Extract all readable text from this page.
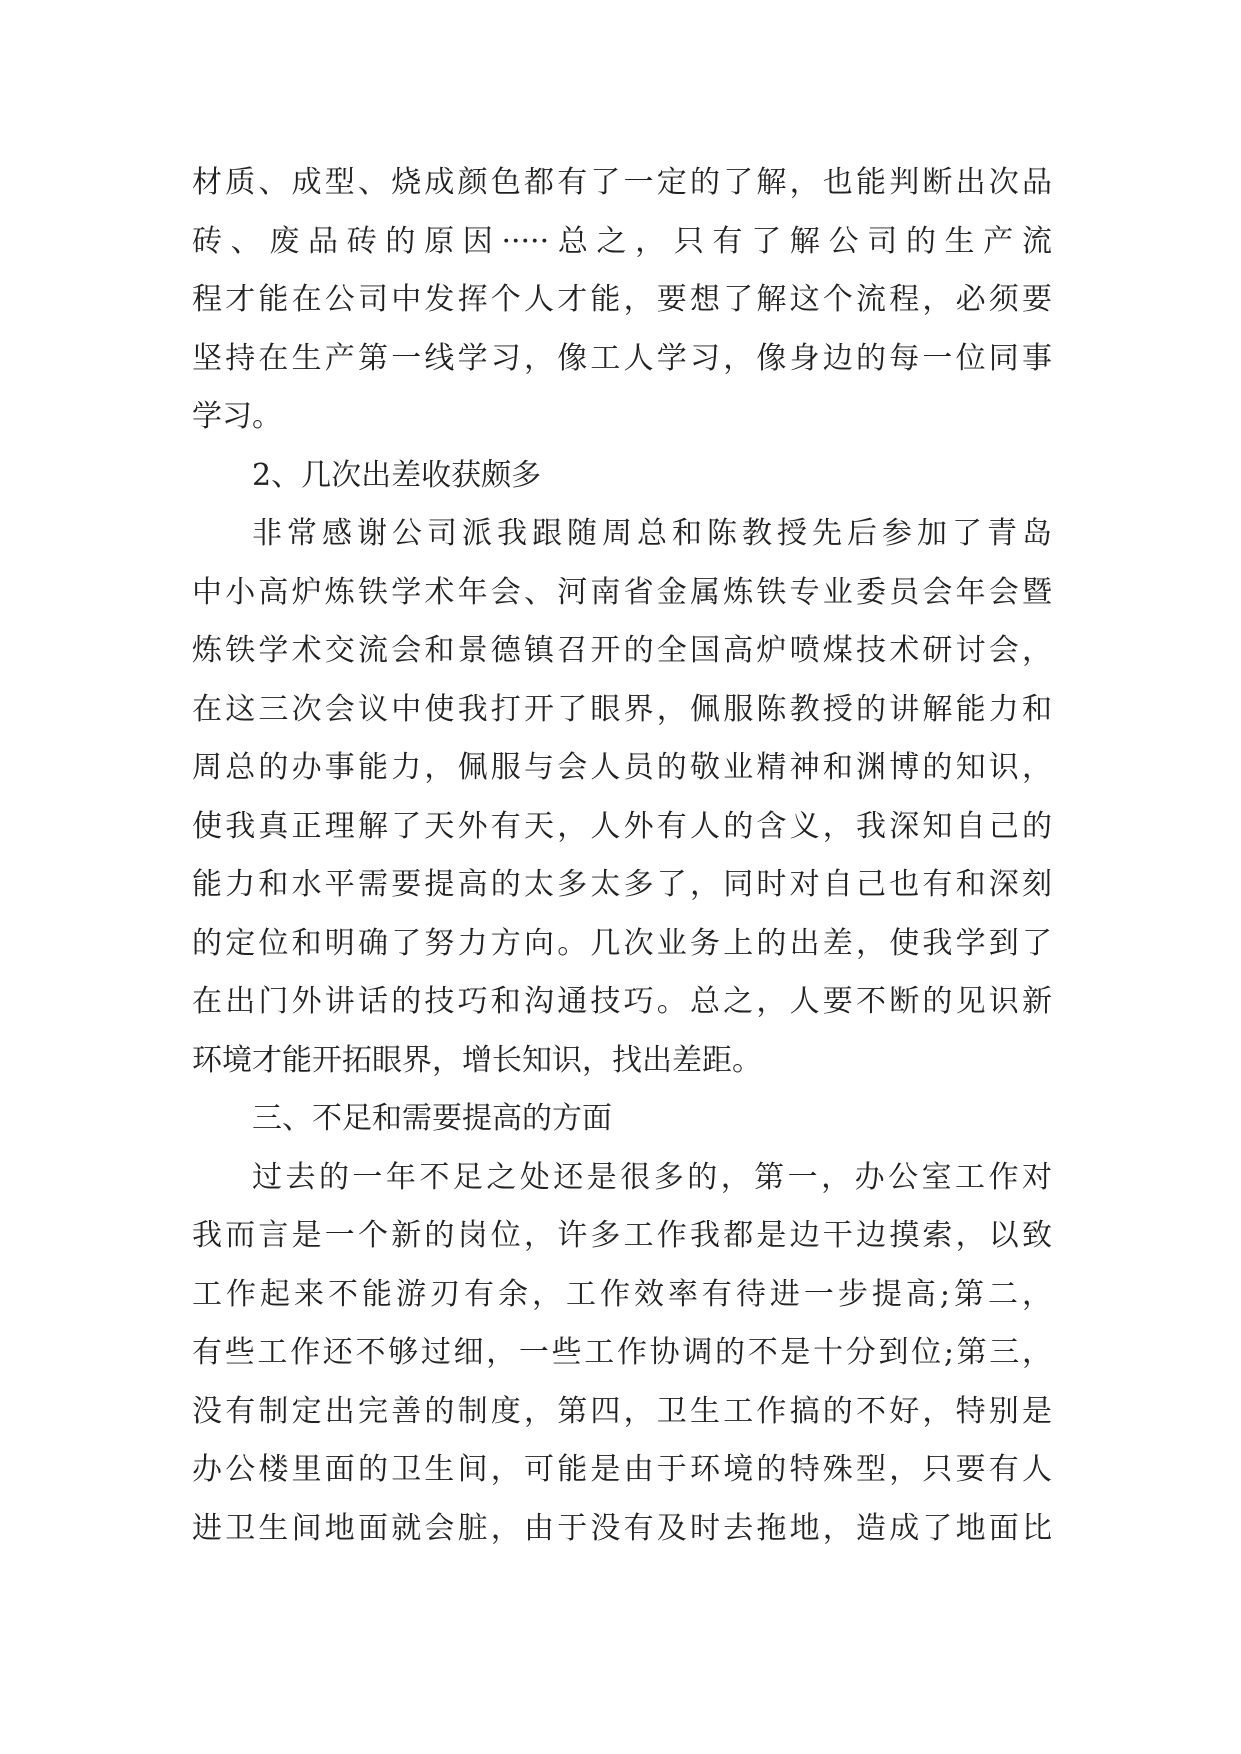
材质、成型、烧成颜色都有了一定的了解，也能判断出次品
砖、废品砖的原因·····总之，只有了解公司的生产流
程才能在公司中发挥个人才能，要想了解这个流程，必须要
坚持在生产第一线学习，像工人学习，像身边的每一位同事
学习。
2、几次出差收获颇多
非常感谢公司派我跟随周总和陈教授先后参加了青岛
中小高炉炼铁学术年会、河南省金属炼铁专业委员会年会暨
炼铁学术交流会和景德镇召开的全国高炉喷煤技术研讨会，
在这三次会议中使我打开了眼界，佩服陈教授的讲解能力和
周总的办事能力，佩服与会人员的敬业精神和渊博的知识，
使我真正理解了天外有天，人外有人的含义，我深知自己的
能力和水平需要提高的太多太多了，同时对自己也有和深刻
的定位和明确了努力方向。几次业务上的出差，使我学到了
在出门外讲话的技巧和沟通技巧。总之，人要不断的见识新
环境才能开拓眼界，增长知识，找出差距。
三、不足和需要提高的方面
过去的一年不足之处还是很多的，第一，办公室工作对
我而言是一个新的岗位，许多工作我都是边干边摸索，以致
工作起来不能游刃有余，工作效率有待进一步提高;第二，
有些工作还不够过细，一些工作协调的不是十分到位;第三，
没有制定出完善的制度，第四，卫生工作搞的不好，特别是
办公楼里面的卫生间，可能是由于环境的特殊型，只要有人
进卫生间地面就会脏，由于没有及时去拖地，造成了地面比
